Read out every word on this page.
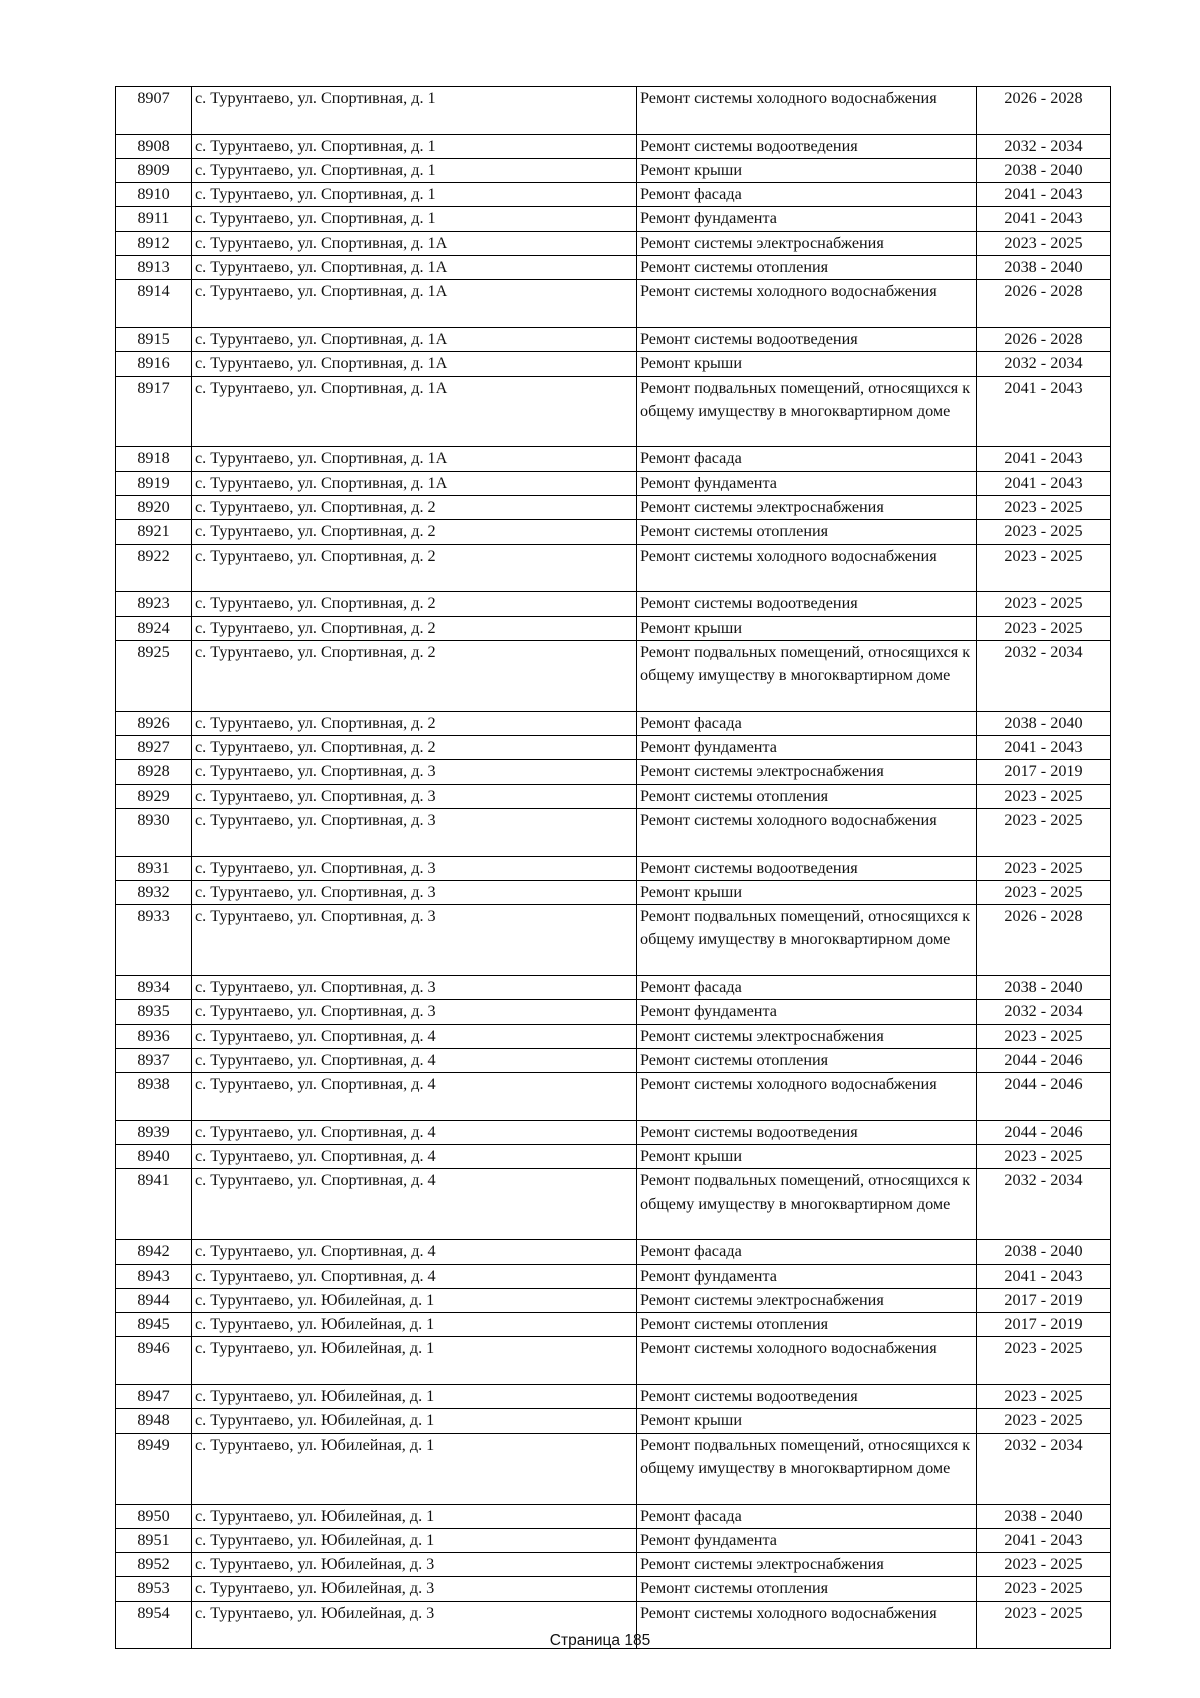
8907	с. Турунтаево, ул. Спортивная, д. 1	Ремонт системы холодного водоснабжения	2026 - 2028
8908	с. Турунтаево, ул. Спортивная, д. 1	Ремонт системы водоотведения	2032 - 2034
8909	с. Турунтаево, ул. Спортивная, д. 1	Ремонт крыши	2038 - 2040
8910	с. Турунтаево, ул. Спортивная, д. 1	Ремонт фасада	2041 - 2043
8911	с. Турунтаево, ул. Спортивная, д. 1	Ремонт фундамента	2041 - 2043
8912	с. Турунтаево, ул. Спортивная, д. 1А	Ремонт системы электроснабжения	2023 - 2025
8913	с. Турунтаево, ул. Спортивная, д. 1А	Ремонт системы отопления	2038 - 2040
8914	с. Турунтаево, ул. Спортивная, д. 1А	Ремонт системы холодного водоснабжения	2026 - 2028
8915	с. Турунтаево, ул. Спортивная, д. 1А	Ремонт системы водоотведения	2026 - 2028
8916	с. Турунтаево, ул. Спортивная, д. 1А	Ремонт крыши	2032 - 2034
8917	с. Турунтаево, ул. Спортивная, д. 1А	Ремонт подвальных помещений, относящихся к общему имуществу в многоквартирном доме	2041 - 2043
8918	с. Турунтаево, ул. Спортивная, д. 1А	Ремонт фасада	2041 - 2043
8919	с. Турунтаево, ул. Спортивная, д. 1А	Ремонт фундамента	2041 - 2043
8920	с. Турунтаево, ул. Спортивная, д. 2	Ремонт системы электроснабжения	2023 - 2025
8921	с. Турунтаево, ул. Спортивная, д. 2	Ремонт системы отопления	2023 - 2025
8922	с. Турунтаево, ул. Спортивная, д. 2	Ремонт системы холодного водоснабжения	2023 - 2025
8923	с. Турунтаево, ул. Спортивная, д. 2	Ремонт системы водоотведения	2023 - 2025
8924	с. Турунтаево, ул. Спортивная, д. 2	Ремонт крыши	2023 - 2025
8925	с. Турунтаево, ул. Спортивная, д. 2	Ремонт подвальных помещений, относящихся к общему имуществу в многоквартирном доме	2032 - 2034
8926	с. Турунтаево, ул. Спортивная, д. 2	Ремонт фасада	2038 - 2040
8927	с. Турунтаево, ул. Спортивная, д. 2	Ремонт фундамента	2041 - 2043
8928	с. Турунтаево, ул. Спортивная, д. 3	Ремонт системы электроснабжения	2017 - 2019
8929	с. Турунтаево, ул. Спортивная, д. 3	Ремонт системы отопления	2023 - 2025
8930	с. Турунтаево, ул. Спортивная, д. 3	Ремонт системы холодного водоснабжения	2023 - 2025
8931	с. Турунтаево, ул. Спортивная, д. 3	Ремонт системы водоотведения	2023 - 2025
8932	с. Турунтаево, ул. Спортивная, д. 3	Ремонт крыши	2023 - 2025
8933	с. Турунтаево, ул. Спортивная, д. 3	Ремонт подвальных помещений, относящихся к общему имуществу в многоквартирном доме	2026 - 2028
8934	с. Турунтаево, ул. Спортивная, д. 3	Ремонт фасада	2038 - 2040
8935	с. Турунтаево, ул. Спортивная, д. 3	Ремонт фундамента	2032 - 2034
8936	с. Турунтаево, ул. Спортивная, д. 4	Ремонт системы электроснабжения	2023 - 2025
8937	с. Турунтаево, ул. Спортивная, д. 4	Ремонт системы отопления	2044 - 2046
8938	с. Турунтаево, ул. Спортивная, д. 4	Ремонт системы холодного водоснабжения	2044 - 2046
8939	с. Турунтаево, ул. Спортивная, д. 4	Ремонт системы водоотведения	2044 - 2046
8940	с. Турунтаево, ул. Спортивная, д. 4	Ремонт крыши	2023 - 2025
8941	с. Турунтаево, ул. Спортивная, д. 4	Ремонт подвальных помещений, относящихся к общему имуществу в многоквартирном доме	2032 - 2034
8942	с. Турунтаево, ул. Спортивная, д. 4	Ремонт фасада	2038 - 2040
8943	с. Турунтаево, ул. Спортивная, д. 4	Ремонт фундамента	2041 - 2043
8944	с. Турунтаево, ул. Юбилейная, д. 1	Ремонт системы электроснабжения	2017 - 2019
8945	с. Турунтаево, ул. Юбилейная, д. 1	Ремонт системы отопления	2017 - 2019
8946	с. Турунтаево, ул. Юбилейная, д. 1	Ремонт системы холодного водоснабжения	2023 - 2025
8947	с. Турунтаево, ул. Юбилейная, д. 1	Ремонт системы водоотведения	2023 - 2025
8948	с. Турунтаево, ул. Юбилейная, д. 1	Ремонт крыши	2023 - 2025
8949	с. Турунтаево, ул. Юбилейная, д. 1	Ремонт подвальных помещений, относящихся к общему имуществу в многоквартирном доме	2032 - 2034
8950	с. Турунтаево, ул. Юбилейная, д. 1	Ремонт фасада	2038 - 2040
8951	с. Турунтаево, ул. Юбилейная, д. 1	Ремонт фундамента	2041 - 2043
8952	с. Турунтаево, ул. Юбилейная, д. 3	Ремонт системы электроснабжения	2023 - 2025
8953	с. Турунтаево, ул. Юбилейная, д. 3	Ремонт системы отопления	2023 - 2025
8954	с. Турунтаево, ул. Юбилейная, д. 3	Ремонт системы холодного водоснабжения	2023 - 2025
Страница 185
